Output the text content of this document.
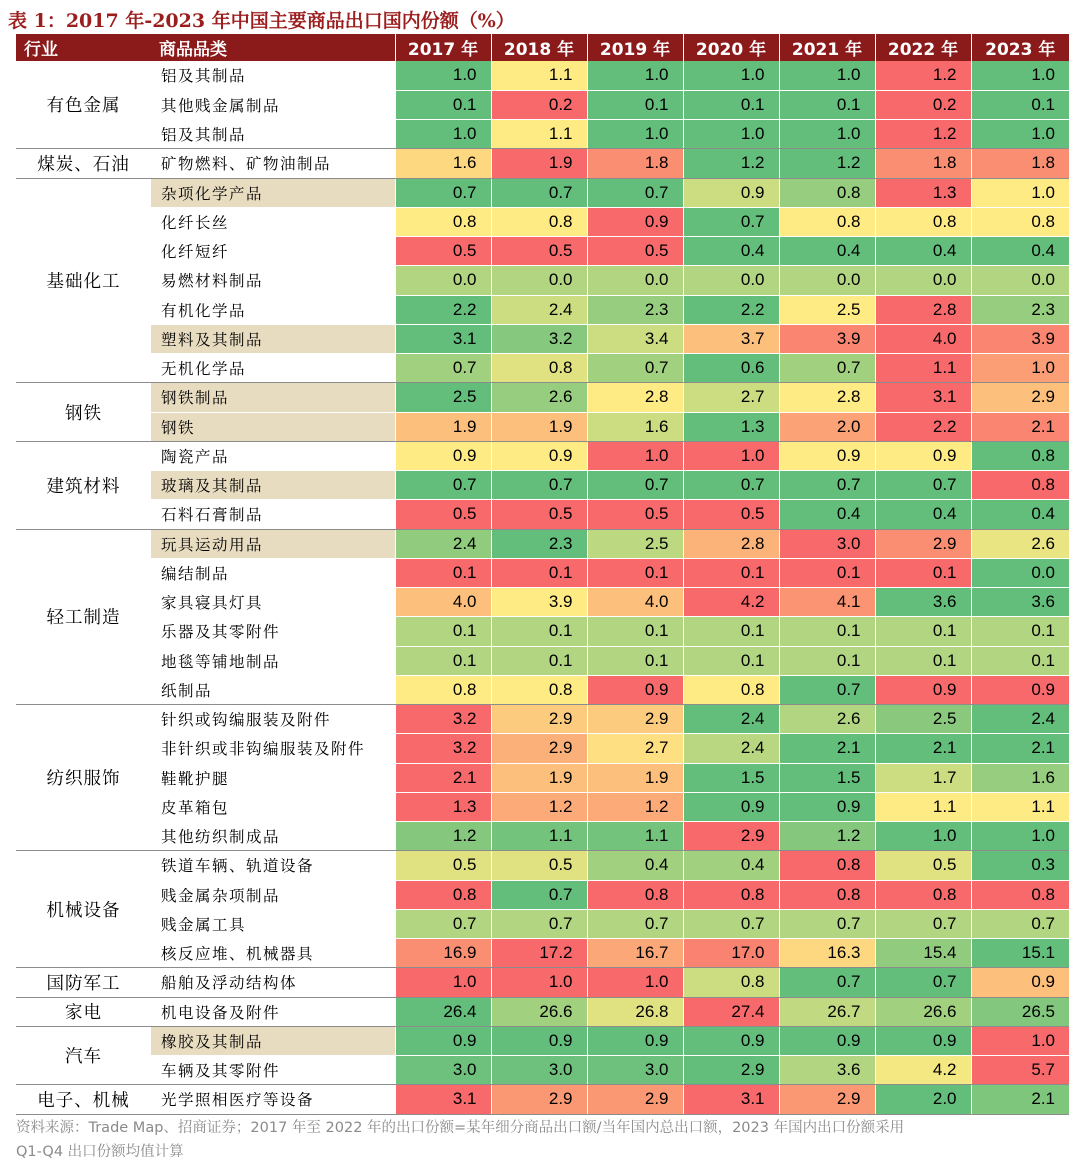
表 1：2017 年-2023 年中国主要商品出口国内份额（%）
行业	商品品类	2017 年	2018 年	2019 年	2020 年	2021 年	2022 年	2023 年
有色金属	铝及其制品	1.0	1.1	1.0	1.0	1.0	1.2	1.0
	其他贱金属制品	0.1	0.2	0.1	0.1	0.1	0.2	0.1
	铝及其制品	1.0	1.1	1.0	1.0	1.0	1.2	1.0
煤炭、石油	矿物燃料、矿物油制品	1.6	1.9	1.8	1.2	1.2	1.8	1.8
基础化工	杂项化学产品	0.7	0.7	0.7	0.9	0.8	1.3	1.0
	化纤长丝	0.8	0.8	0.9	0.7	0.8	0.8	0.8
	化纤短纤	0.5	0.5	0.5	0.4	0.4	0.4	0.4
	易燃材料制品	0.0	0.0	0.0	0.0	0.0	0.0	0.0
	有机化学品	2.2	2.4	2.3	2.2	2.5	2.8	2.3
	塑料及其制品	3.1	3.2	3.4	3.7	3.9	4.0	3.9
	无机化学品	0.7	0.8	0.7	0.6	0.7	1.1	1.0
钢铁	钢铁制品	2.5	2.6	2.8	2.7	2.8	3.1	2.9
	钢铁	1.9	1.9	1.6	1.3	2.0	2.2	2.1
建筑材料	陶瓷产品	0.9	0.9	1.0	1.0	0.9	0.9	0.8
	玻璃及其制品	0.7	0.7	0.7	0.7	0.7	0.7	0.8
	石料石膏制品	0.5	0.5	0.5	0.5	0.4	0.4	0.4
轻工制造	玩具运动用品	2.4	2.3	2.5	2.8	3.0	2.9	2.6
	编结制品	0.1	0.1	0.1	0.1	0.1	0.1	0.0
	家具寝具灯具	4.0	3.9	4.0	4.2	4.1	3.6	3.6
	乐器及其零附件	0.1	0.1	0.1	0.1	0.1	0.1	0.1
	地毯等铺地制品	0.1	0.1	0.1	0.1	0.1	0.1	0.1
	纸制品	0.8	0.8	0.9	0.8	0.7	0.9	0.9
纺织服饰	针织或钩编服装及附件	3.2	2.9	2.9	2.4	2.6	2.5	2.4
	非针织或非钩编服装及附件	3.2	2.9	2.7	2.4	2.1	2.1	2.1
	鞋靴护腿	2.1	1.9	1.9	1.5	1.5	1.7	1.6
	皮革箱包	1.3	1.2	1.2	0.9	0.9	1.1	1.1
	其他纺织制成品	1.2	1.1	1.1	2.9	1.2	1.0	1.0
机械设备	铁道车辆、轨道设备	0.5	0.5	0.4	0.4	0.8	0.5	0.3
	贱金属杂项制品	0.8	0.7	0.8	0.8	0.8	0.8	0.8
	贱金属工具	0.7	0.7	0.7	0.7	0.7	0.7	0.7
	核反应堆、机械器具	16.9	17.2	16.7	17.0	16.3	15.4	15.1
国防军工	船舶及浮动结构体	1.0	1.0	1.0	0.8	0.7	0.7	0.9
家电	机电设备及附件	26.4	26.6	26.8	27.4	26.7	26.6	26.5
汽车	橡胶及其制品	0.9	0.9	0.9	0.9	0.9	0.9	1.0
	车辆及其零附件	3.0	3.0	3.0	2.9	3.6	4.2	5.7
电子、机械	光学照相医疗等设备	3.1	2.9	2.9	3.1	2.9	2.0	2.1
资料来源：Trade Map、招商证券；2017 年至 2022 年的出口份额=某年细分商品出口额/当年国内总出口额，2023 年国内出口份额采用
Q1-Q4 出口份额均值计算
